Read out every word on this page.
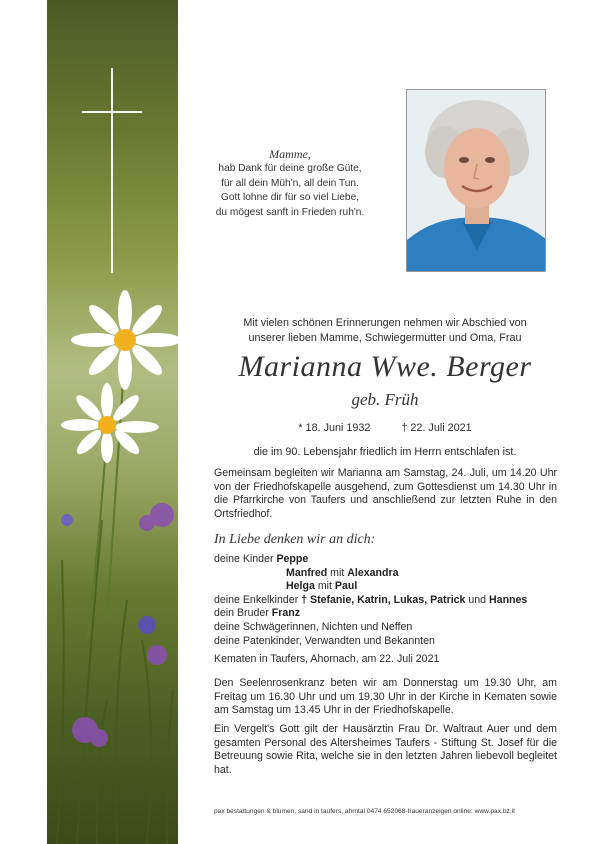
Mamme,
hab Dank für deine große Güte,
für all dein Müh'n, all dein Tun.
Gott lohne dir für so viel Liebe,
du mögest sanft in Frieden ruh'n.
Mit vielen schönen Erinnerungen nehmen wir Abschied von
unserer lieben Mamme, Schwiegermutter und Oma, Frau
Marianna Wwe. Berger
geb. Früh
* 18. Juni 1932	† 22. Juli 2021
die im 90. Lebensjahr friedlich im Herrn entschlafen ist.
Gemeinsam begleiten wir Marianna am Samstag, 24. Juli, um 14.20 Uhr von der Friedhofskapelle ausgehend, zum Gottesdienst um 14.30 Uhr in die Pfarrkirche von Taufers und anschließend zur letzten Ruhe in den Ortsfriedhof.
In Liebe denken wir an dich:
deine Kinder Peppe
Manfred mit Alexandra
Helga mit Paul
deine Enkelkinder † Stefanie, Katrin, Lukas, Patrick und Hannes
dein Bruder Franz
deine Schwägerinnen, Nichten und Neffen
deine Patenkinder, Verwandten und Bekannten
Kematen in Taufers, Ahornach, am 22. Juli 2021
Den Seelenrosenkranz beten wir am Donnerstag um 19.30 Uhr, am Freitag um 16.30 Uhr und um 19.30 Uhr in der Kirche in Kematen sowie am Samstag um 13.45 Uhr in der Friedhofskapelle.
Ein Vergelt's Gott gilt der Hausärztin Frau Dr. Waltraut Auer und dem gesamten Personal des Altersheimes Taufers - Stiftung St. Josef für die Betreuung sowie Rita, welche sie in den letzten Jahren liebevoll begleitet hat.
pax bestattungen & blumen, sand in taufers, ahrntal 0474 652068-traueranzeigen online: www.pax.bz.it
